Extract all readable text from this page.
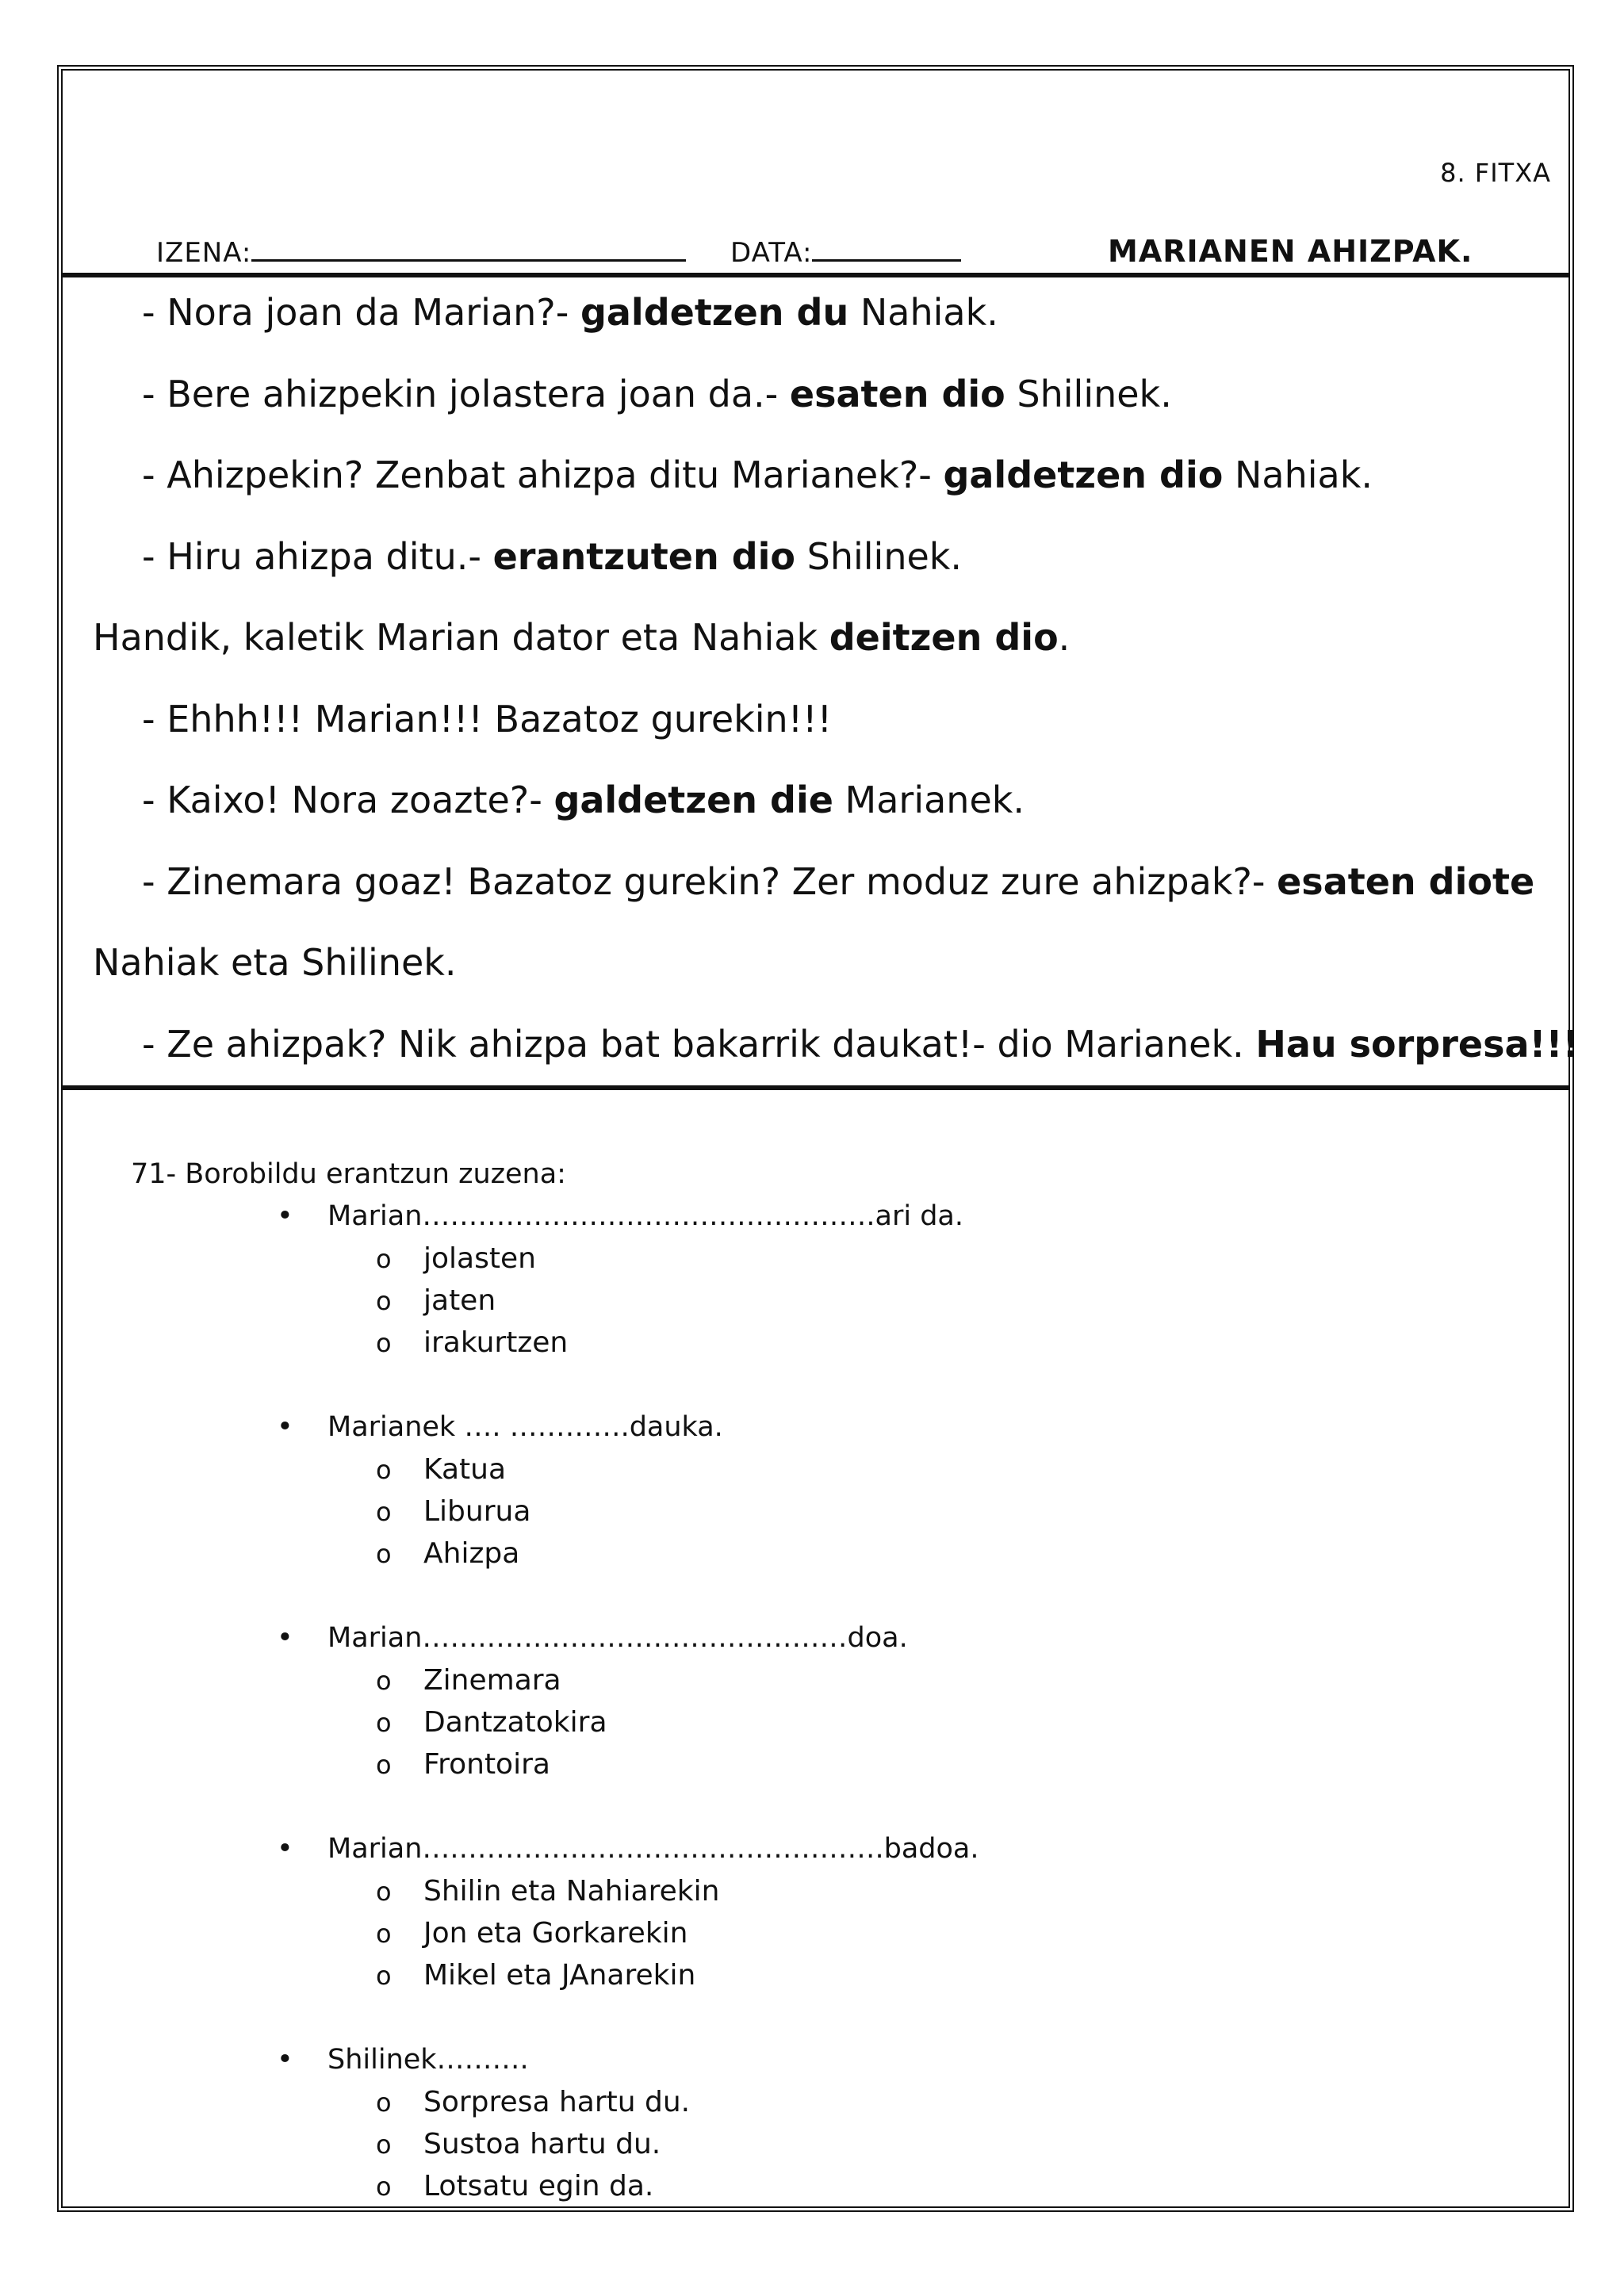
8. FITXA
IZENA:	DATA:	MARIANEN AHIZPAK.
- Nora joan da Marian?- galdetzen du Nahiak.
- Bere ahizpekin jolastera joan da.- esaten dio Shilinek.
- Ahizpekin? Zenbat ahizpa ditu Marianek?- galdetzen dio Nahiak.
- Hiru ahizpa ditu.- erantzuten dio Shilinek.
Handik, kaletik Marian dator eta Nahiak deitzen dio.
- Ehhh!!! Marian!!! Bazatoz gurekin!!!
- Kaixo! Nora zoazte?- galdetzen die Marianek.
- Zinemara goaz! Bazatoz gurekin? Zer moduz zure ahizpak?- esaten diote
Nahiak eta Shilinek.
- Ze ahizpak? Nik ahizpa bat bakarrik daukat!- dio Marianek. Hau sorpresa!!!
71- Borobildu erantzun zuzena:
• Marian………………………………………….ari da.
o jolasten
o jaten
o irakurtzen
• Marianek …. ………….dauka.
o Katua
o Liburua
o Ahizpa
• Marian…….…………………………………doa.
o Zinemara
o Dantzatokira
o Frontoira
• Marian….……………………………………….badoa.
o Shilin eta Nahiarekin
o Jon eta Gorkarekin
o Mikel eta JAnarekin
• Shilinek……….
o Sorpresa hartu du.
o Sustoa hartu du.
o Lotsatu egin da.
